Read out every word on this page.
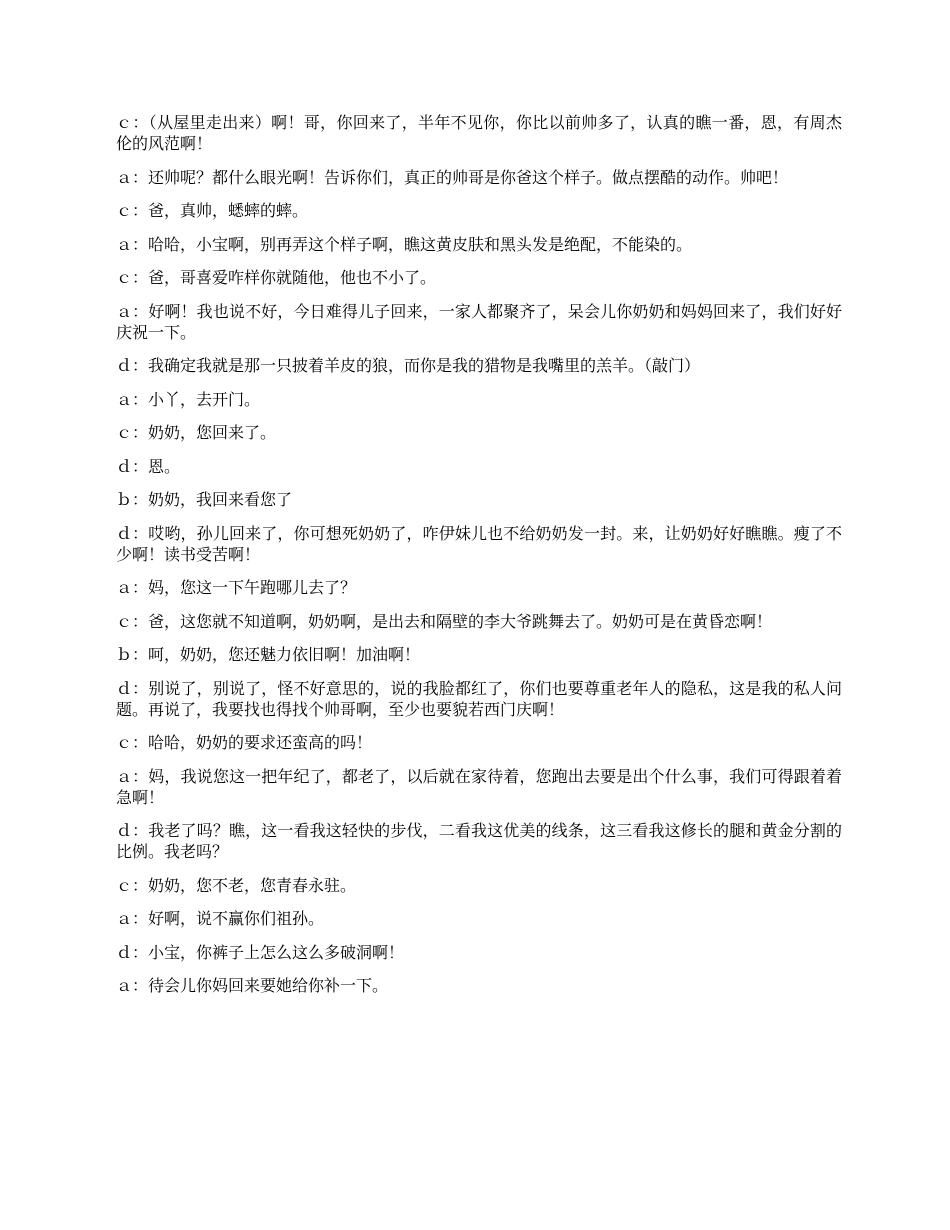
ｃ：（从屋里走出来）啊！哥，你回来了，半年不见你，你比以前帅多了，认真的瞧一番，恩，有周杰伦的风范啊！

ａ：还帅呢？都什么眼光啊！告诉你们，真正的帅哥是你爸这个样子。做点摆酷的动作。帅吧！

ｃ：爸，真帅，蟋蟀的蟀。

ａ：哈哈，小宝啊，别再弄这个样子啊，瞧这黄皮肤和黑头发是绝配，不能染的。

ｃ：爸，哥喜爱咋样你就随他，他也不小了。

ａ：好啊！我也说不好，今日难得儿子回来，一家人都聚齐了，呆会儿你奶奶和妈妈回来了，我们好好庆祝一下。

ｄ：我确定我就是那一只披着羊皮的狼，而你是我的猎物是我嘴里的羔羊。（敲门）

ａ：小丫，去开门。

ｃ：奶奶，您回来了。

ｄ：恩。

ｂ：奶奶，我回来看您了

ｄ：哎哟，孙儿回来了，你可想死奶奶了，咋伊妹儿也不给奶奶发一封。来，让奶奶好好瞧瞧。瘦了不少啊！读书受苦啊！

ａ：妈，您这一下午跑哪儿去了？

ｃ：爸，这您就不知道啊，奶奶啊，是出去和隔壁的李大爷跳舞去了。奶奶可是在黄昏恋啊！

ｂ：呵，奶奶，您还魅力依旧啊！加油啊！

ｄ：别说了，别说了，怪不好意思的，说的我脸都红了，你们也要尊重老年人的隐私，这是我的私人问题。再说了，我要找也得找个帅哥啊，至少也要貌若西门庆啊！

ｃ：哈哈，奶奶的要求还蛮高的吗！

ａ：妈，我说您这一把年纪了，都老了，以后就在家待着，您跑出去要是出个什么事，我们可得跟着着急啊！

ｄ：我老了吗？瞧，这一看我这轻快的步伐，二看我这优美的线条，这三看我这修长的腿和黄金分割的比例。我老吗？

ｃ：奶奶，您不老，您青春永驻。

ａ：好啊，说不赢你们祖孙。

ｄ：小宝，你裤子上怎么这么多破洞啊！

ａ：待会儿你妈回来要她给你补一下。
